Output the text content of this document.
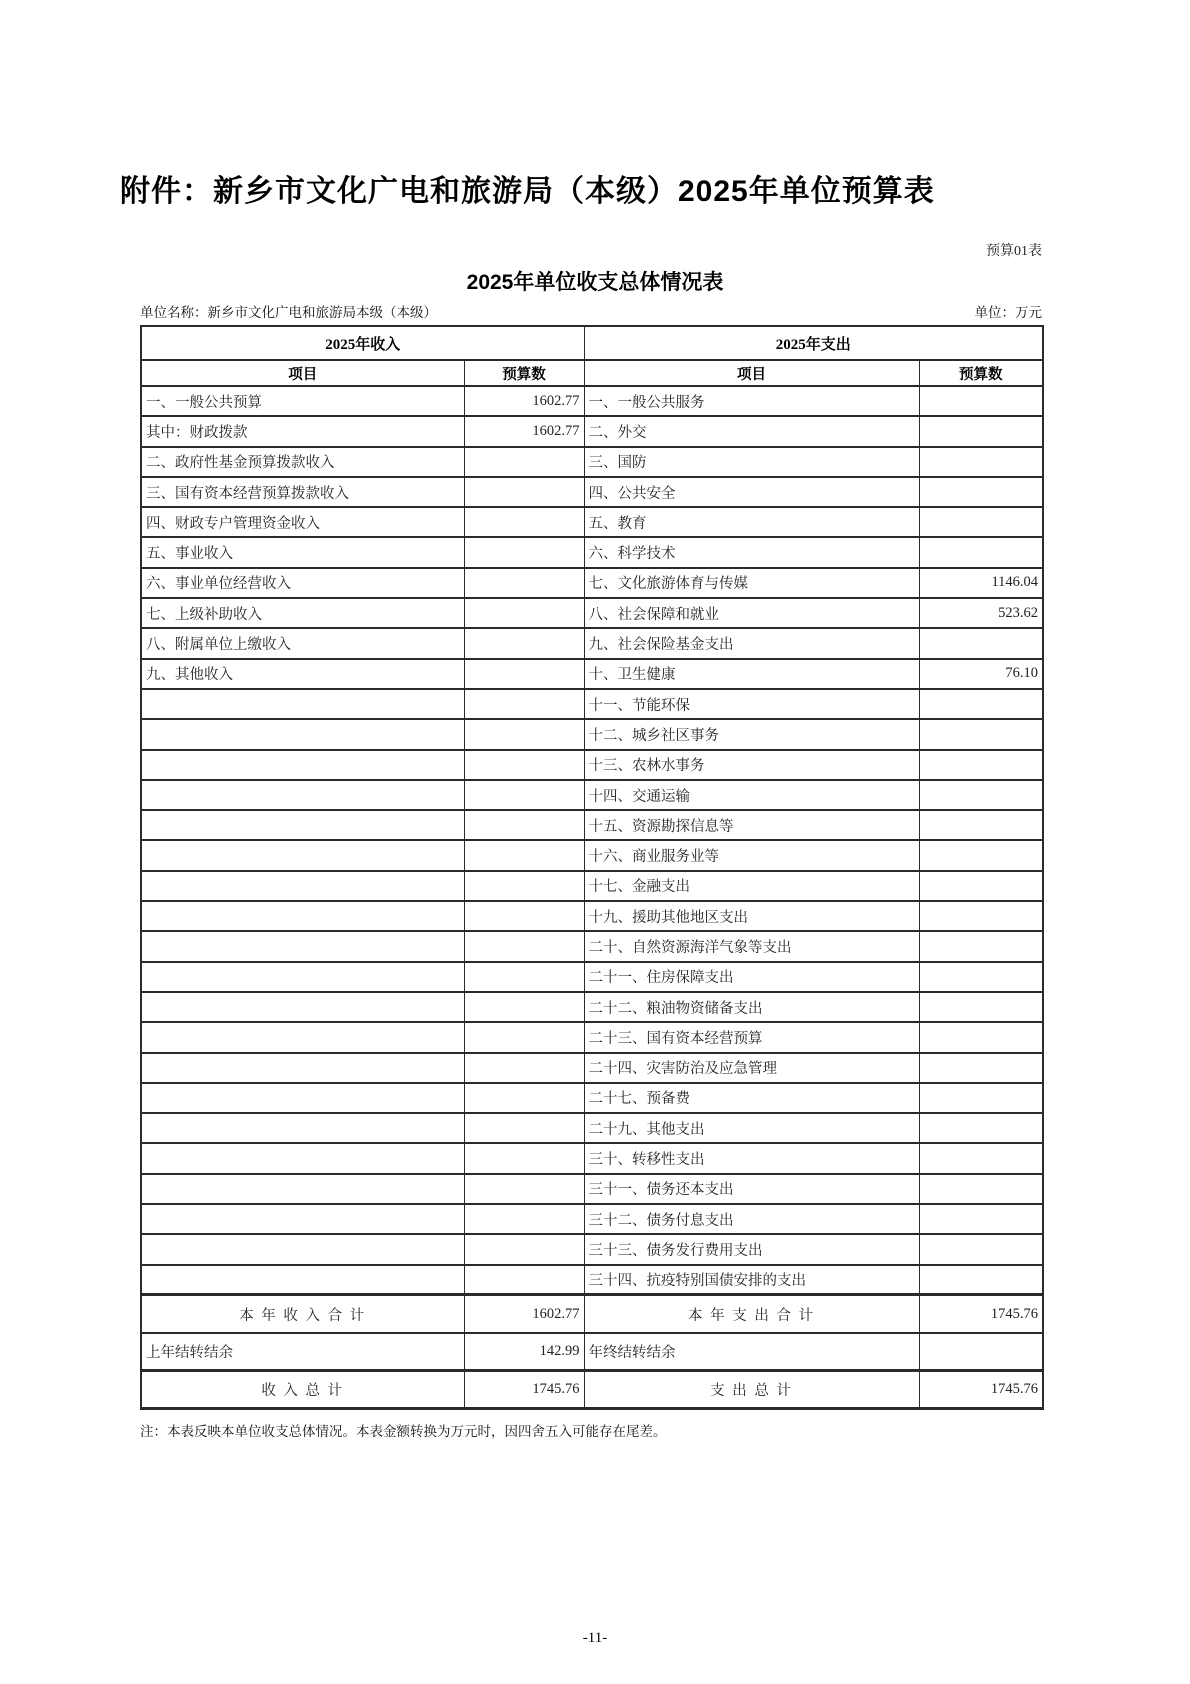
附件：新乡市文化广电和旅游局（本级）2025年单位预算表
预算01表
2025年单位收支总体情况表
单位名称：新乡市文化广电和旅游局本级（本级）	单位：万元
2025年收入		2025年支出	
项目	预算数	项目	预算数
一、一般公共预算	1602.77	一、一般公共服务	
其中：财政拨款	1602.77	二、外交	
二、政府性基金预算拨款收入		三、国防	
三、国有资本经营预算拨款收入		四、公共安全	
四、财政专户管理资金收入		五、教育	
五、事业收入		六、科学技术	
六、事业单位经营收入		七、文化旅游体育与传媒	1146.04
七、上级补助收入		八、社会保障和就业	523.62
八、附属单位上缴收入		九、社会保险基金支出	
九、其他收入		十、卫生健康	76.10
		十一、节能环保	
		十二、城乡社区事务	
		十三、农林水事务	
		十四、交通运输	
		十五、资源勘探信息等	
		十六、商业服务业等	
		十七、金融支出	
		十九、援助其他地区支出	
		二十、自然资源海洋气象等支出	
		二十一、住房保障支出	
		二十二、粮油物资储备支出	
		二十三、国有资本经营预算	
		二十四、灾害防治及应急管理	
		二十七、预备费	
		二十九、其他支出	
		三十、转移性支出	
		三十一、债务还本支出	
		三十二、债务付息支出	
		三十三、债务发行费用支出	
		三十四、抗疫特别国债安排的支出	
本 年 收 入 合 计	1602.77	本 年 支 出 合 计	1745.76
上年结转结余	142.99	年终结转结余	
收 入 总 计	1745.76	支 出 总 计	1745.76
注：本表反映本单位收支总体情况。本表金额转换为万元时，因四舍五入可能存在尾差。
-11-
